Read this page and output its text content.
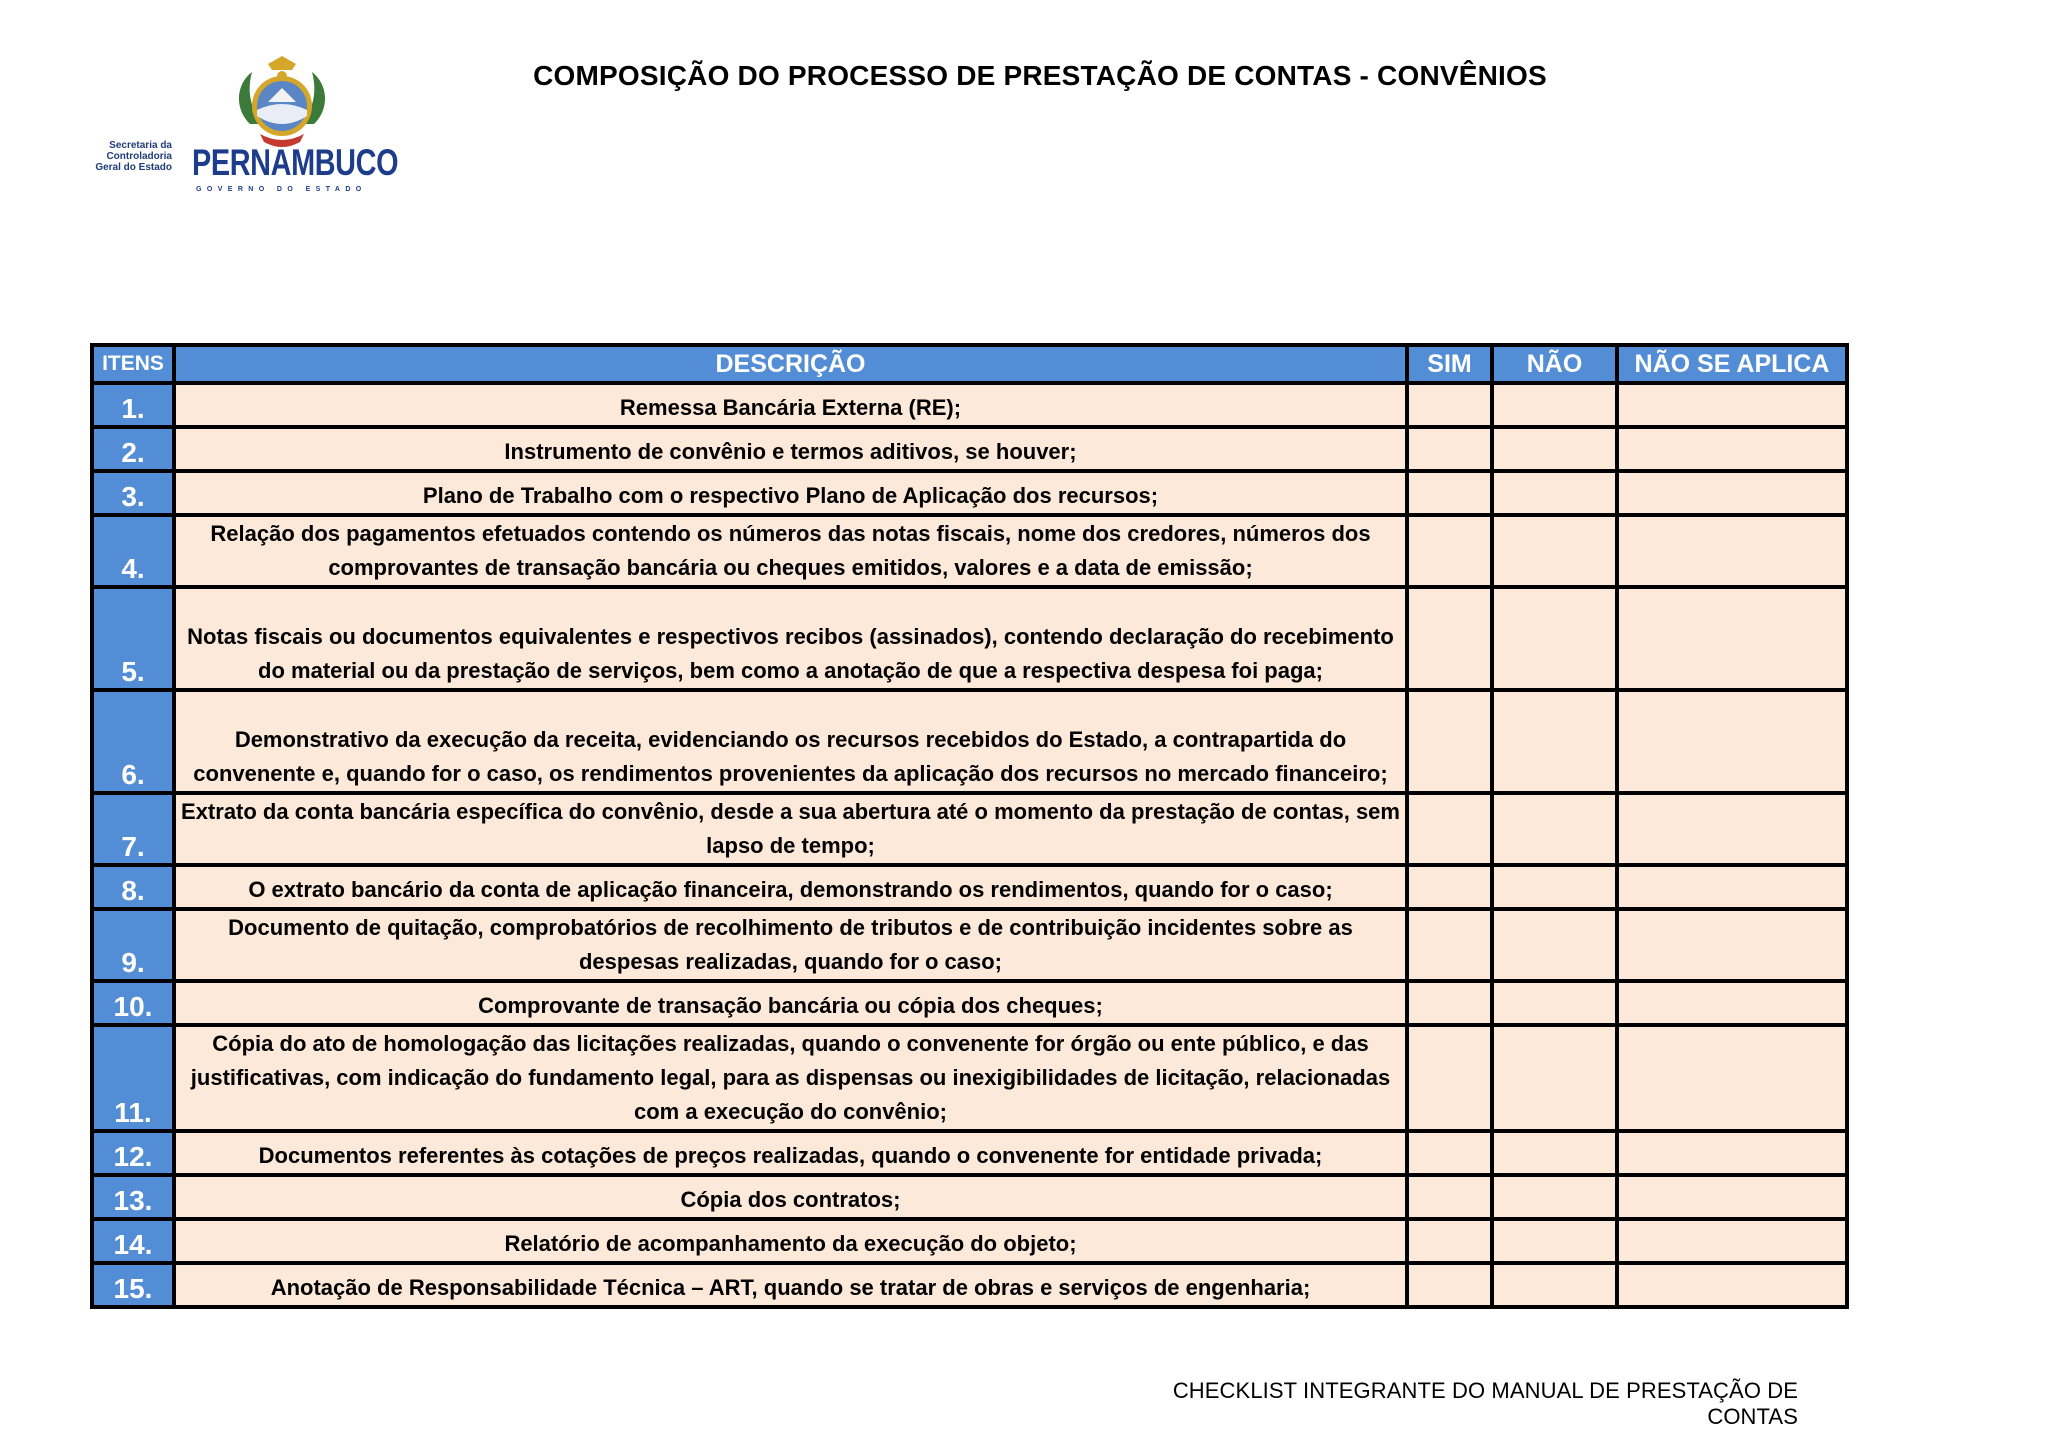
Secretaria da
Controladoria
Geral do Estado PERNAMBUCO
GOVERNO DO ESTADO
COMPOSIÇÃO DO PROCESSO DE PRESTAÇÃO DE CONTAS - CONVÊNIOS
ITENS	DESCRIÇÃO	SIM	NÃO	NÃO SE APLICA
1.	Remessa Bancária Externa (RE);			
2.	Instrumento de convênio e termos aditivos, se houver;			
3.	Plano de Trabalho com o respectivo Plano de Aplicação dos recursos;			
4.	Relação dos pagamentos efetuados contendo os números das notas fiscais, nome dos credores, números dos comprovantes de transação bancária ou cheques emitidos, valores e a data de emissão;			
5.	Notas fiscais ou documentos equivalentes e respectivos recibos (assinados), contendo declaração do recebimento do material ou da prestação de serviços, bem como a anotação de que a respectiva despesa foi paga;			
6.	Demonstrativo da execução da receita, evidenciando os recursos recebidos do Estado, a contrapartida do convenente e, quando for o caso, os rendimentos provenientes da aplicação dos recursos no mercado financeiro;			
7.	Extrato da conta bancária específica do convênio, desde a sua abertura até o momento da prestação de contas, sem lapso de tempo;			
8.	O extrato bancário da conta de aplicação financeira, demonstrando os rendimentos, quando for o caso;			
9.	Documento de quitação, comprobatórios de recolhimento de tributos e de contribuição incidentes sobre as despesas realizadas, quando for o caso;			
10.	Comprovante de transação bancária ou cópia dos cheques;			
11.	Cópia do ato de homologação das licitações realizadas, quando o convenente for órgão ou ente público, e das justificativas, com indicação do fundamento legal, para as dispensas ou inexigibilidades de licitação, relacionadas com a execução do convênio;			
12.	Documentos referentes às cotações de preços realizadas, quando o convenente for entidade privada;			
13.	Cópia dos contratos;			
14.	Relatório de acompanhamento da execução do objeto;			
15.	Anotação de Responsabilidade Técnica – ART, quando se tratar de obras e serviços de engenharia;			
CHECKLIST INTEGRANTE DO MANUAL DE PRESTAÇÃO DE CONTAS
